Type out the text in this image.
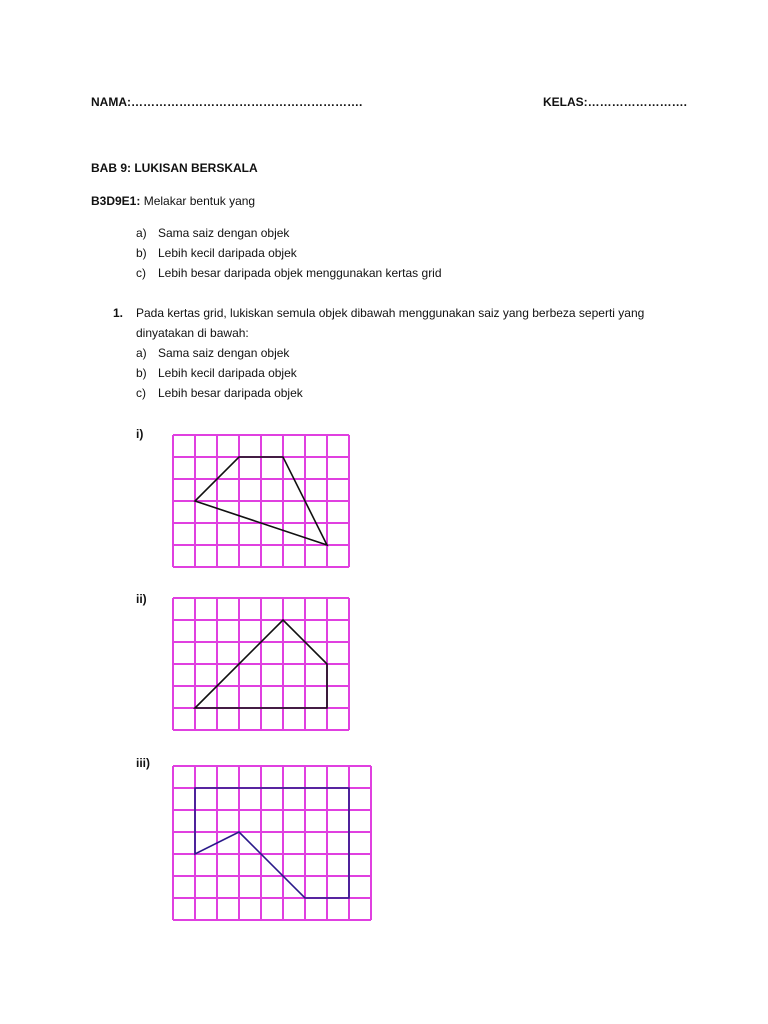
NAMA:………………………………………………….	KELAS:…………………….
BAB 9: LUKISAN BERSKALA
B3D9E1: Melakar bentuk yang
a) Sama saiz dengan objek
b) Lebih kecil daripada objek
c)	Lebih besar daripada objek menggunakan kertas grid
1. Pada kertas grid, lukiskan semula objek dibawah menggunakan saiz yang berbeza seperti yang
dinyatakan di bawah:
a) Sama saiz dengan objek
b) Lebih kecil daripada objek
c)	Lebih besar daripada objek
i)
ii)
iii)
